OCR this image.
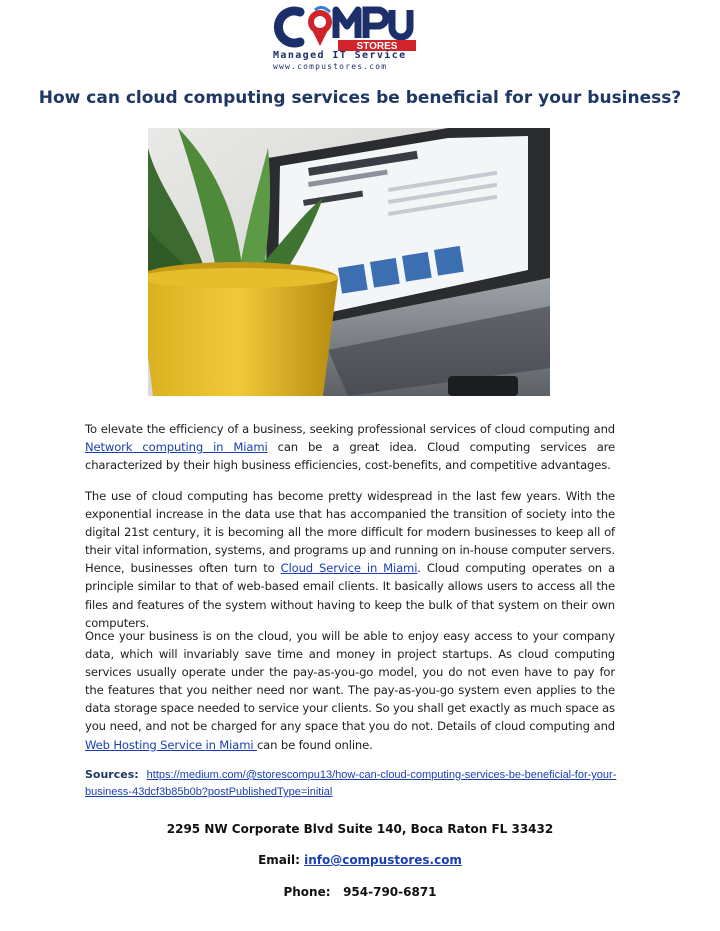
STORES
Managed IT Service
www.compustores.com
How can cloud computing services be beneficial for your business?

To elevate the efficiency of a business, seeking professional services of cloud computing and Network computing in Miami can be a great idea. Cloud computing services are characterized by their high business efficiencies, cost-benefits, and competitive advantages.

The use of cloud computing has become pretty widespread in the last few years. With the exponential increase in the data use that has accompanied the transition of society into the digital 21st century, it is becoming all the more difficult for modern businesses to keep all of their vital information, systems, and programs up and running on in-house computer servers. Hence, businesses often turn to Cloud Service in Miami. Cloud computing operates on a principle similar to that of web-based email clients. It basically allows users to access all the files and features of the system without having to keep the bulk of that system on their own computers.

Once your business is on the cloud, you will be able to enjoy easy access to your company data, which will invariably save time and money in project startups. As cloud computing services usually operate under the pay-as-you-go model, you do not even have to pay for the features that you neither need nor want. The pay-as-you-go system even applies to the data storage space needed to service your clients. So you shall get exactly as much space as you need, and not be charged for any space that you do not. Details of cloud computing and Web Hosting Service in Miami can be found online.

Sources: https://medium.com/@storescompu13/how-can-cloud-computing-services-be-beneficial-for-your-business-43dcf3b85b0b?postPublishedType=initial

2295 NW Corporate Blvd Suite 140, Boca Raton FL 33432

Email: info@compustores.com

Phone: 954-790-6871
